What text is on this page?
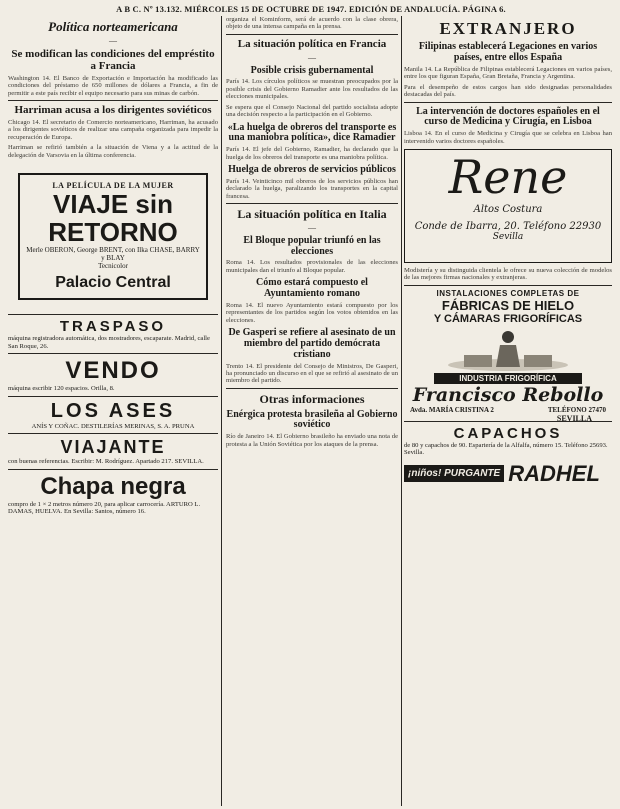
A B C. Nº 13.132. MIÉRCOLES 15 DE OCTUBRE DE 1947. EDICIÓN DE ANDALUCÍA. PÁGINA 6.
Política norteamericana
—
Se modifican las condiciones del empréstito a Francia

Washington 14. El Banco de Exportación e Importación ha modificado las condiciones del préstamo de 650 millones de dólares a Francia, a fin de permitir a este país recibir el equipo necesario para sus minas de carbón.

Harriman acusa a los dirigentes soviéticos

Chicago 14. El secretario de Comercio norteamericano, Harriman, ha acusado a los dirigentes soviéticos de realizar una campaña organizada para impedir la recuperación de Europa.

Harriman se refirió también a la situación de Viena y a la actitud de la delegación de Varsovia en la última conferencia.

LA PELÍCULA DE LA MUJER
VIAJE sin
RETORNO
Merle OBERON, George BRENT, con Ilka CHASE, BARRY y BLAY
Tecnicolor
Palacio Central
TRASPASO

máquina registradora automática, dos mostradores, escaparate. Madrid, calle San Roque, 26.

VENDO

máquina escribir 120 espacios. Orilla, 8.

LOS ASES

ANÍS Y COÑAC. DESTILERÍAS MERINAS, S. A. PRUNA

VIAJANTE

con buenas referencias. Escribir: M. Rodríguez. Apartado 217. SEVILLA.

Chapa negra

compro de 1 × 2 metros número 20, para aplicar carrocería. ARTURO L. DAMAS, HUELVA. En Sevilla: Santos, número 16.

organiza el Kominform, será de acuerdo con la clase obrera, objeto de una intensa campaña en la prensa.

La situación política en Francia
—
Posible crisis gubernamental

París 14. Los círculos políticos se muestran preocupados por la posible crisis del Gobierno Ramadier ante los resultados de las elecciones municipales.

Se espera que el Consejo Nacional del partido socialista adopte una decisión respecto a la participación en el Gobierno.

«La huelga de obreros del transporte es una maniobra política», dice Ramadier

París 14. El jefe del Gobierno, Ramadier, ha declarado que la huelga de los obreros del transporte es una maniobra política.

Huelga de obreros de servicios públicos

París 14. Veinticinco mil obreros de los servicios públicos han declarado la huelga, paralizando los transportes en la capital francesa.

La situación política en Italia
—
El Bloque popular triunfó en las elecciones

Roma 14. Los resultados provisionales de las elecciones municipales dan el triunfo al Bloque popular.

Cómo estará compuesto el Ayuntamiento romano

Roma 14. El nuevo Ayuntamiento estará compuesto por los representantes de los partidos según los votos obtenidos en las elecciones.

De Gasperi se refiere al asesinato de un miembro del partido demócrata cristiano

Trento 14. El presidente del Consejo de Ministros, De Gasperi, ha pronunciado un discurso en el que se refirió al asesinato de un miembro del partido.

Otras informaciones
Enérgica protesta brasileña al Gobierno soviético

Río de Janeiro 14. El Gobierno brasileño ha enviado una nota de protesta a la Unión Soviética por los ataques de la prensa.

EXTRANJERO
Filipinas establecerá Legaciones en varios países, entre ellos España

Manila 14. La República de Filipinas establecerá Legaciones en varios países, entre los que figuran España, Gran Bretaña, Francia y Argentina.

Para el desempeño de estos cargos han sido designadas personalidades destacadas del país.

La intervención de doctores españoles en el curso de Medicina y Cirugía, en Lisboa

Lisboa 14. En el curso de Medicina y Cirugía que se celebra en Lisboa han intervenido varios doctores españoles.

Rene
Altos Costura
Conde de Ibarra, 20. Teléfono 22930
Sevilla

Modistería y su distinguida clientela le ofrece su nueva colección de modelos de las mejores firmas nacionales y extranjeras.

INSTALACIONES COMPLETAS DE
FÁBRICAS DE HIELO
Y CÁMARAS FRIGORÍFICAS
INDUSTRIA FRIGORÍFICA
Francisco Rebollo
Avda. MARÍA CRISTINA 2	TELÉFONO 27470
SEVILLA
CAPACHOS

de 80 y capachos de 90. Espartería de la Alfalfa, número 15. Teléfono 25693. Sevilla.

¡niños! PURGANTE RADHEL
